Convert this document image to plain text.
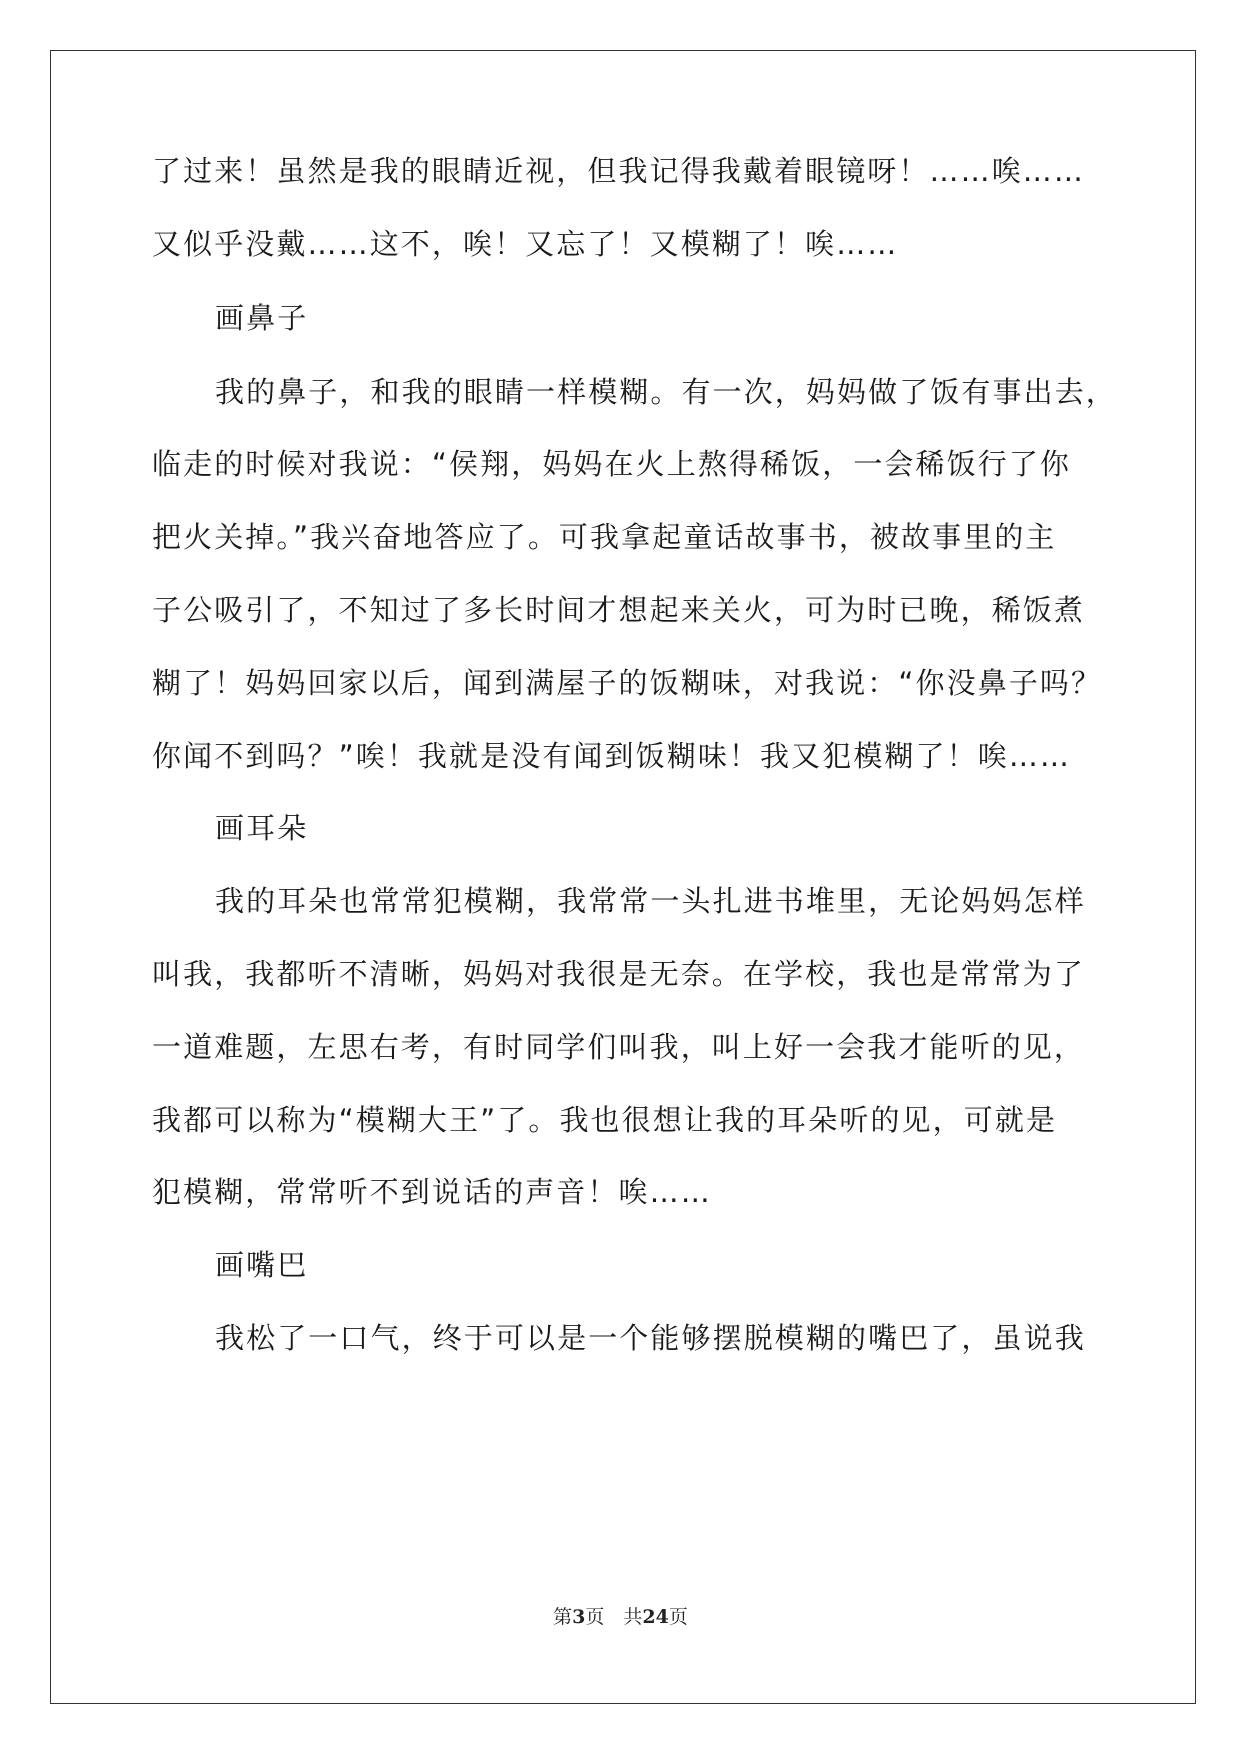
了过来！虽然是我的眼睛近视，但我记得我戴着眼镜呀！……唉……
又似乎没戴……这不，唉！又忘了！又模糊了！唉……
画鼻子
我的鼻子，和我的眼睛一样模糊。有一次，妈妈做了饭有事出去，
临走的时候对我说：“侯翔，妈妈在火上熬得稀饭，一会稀饭行了你
把火关掉。”我兴奋地答应了。可我拿起童话故事书，被故事里的主
子公吸引了，不知过了多长时间才想起来关火，可为时已晚，稀饭煮
糊了！妈妈回家以后，闻到满屋子的饭糊味，对我说：“你没鼻子吗？
你闻不到吗？”唉！我就是没有闻到饭糊味！我又犯模糊了！唉……
画耳朵
我的耳朵也常常犯模糊，我常常一头扎进书堆里，无论妈妈怎样
叫我，我都听不清晰，妈妈对我很是无奈。在学校，我也是常常为了
一道难题，左思右考，有时同学们叫我，叫上好一会我才能听的见，
我都可以称为“模糊大王”了。我也很想让我的耳朵听的见，可就是
犯模糊，常常听不到说话的声音！唉……
画嘴巴
我松了一口气，终于可以是一个能够摆脱模糊的嘴巴了，虽说我
第3页　共24页
